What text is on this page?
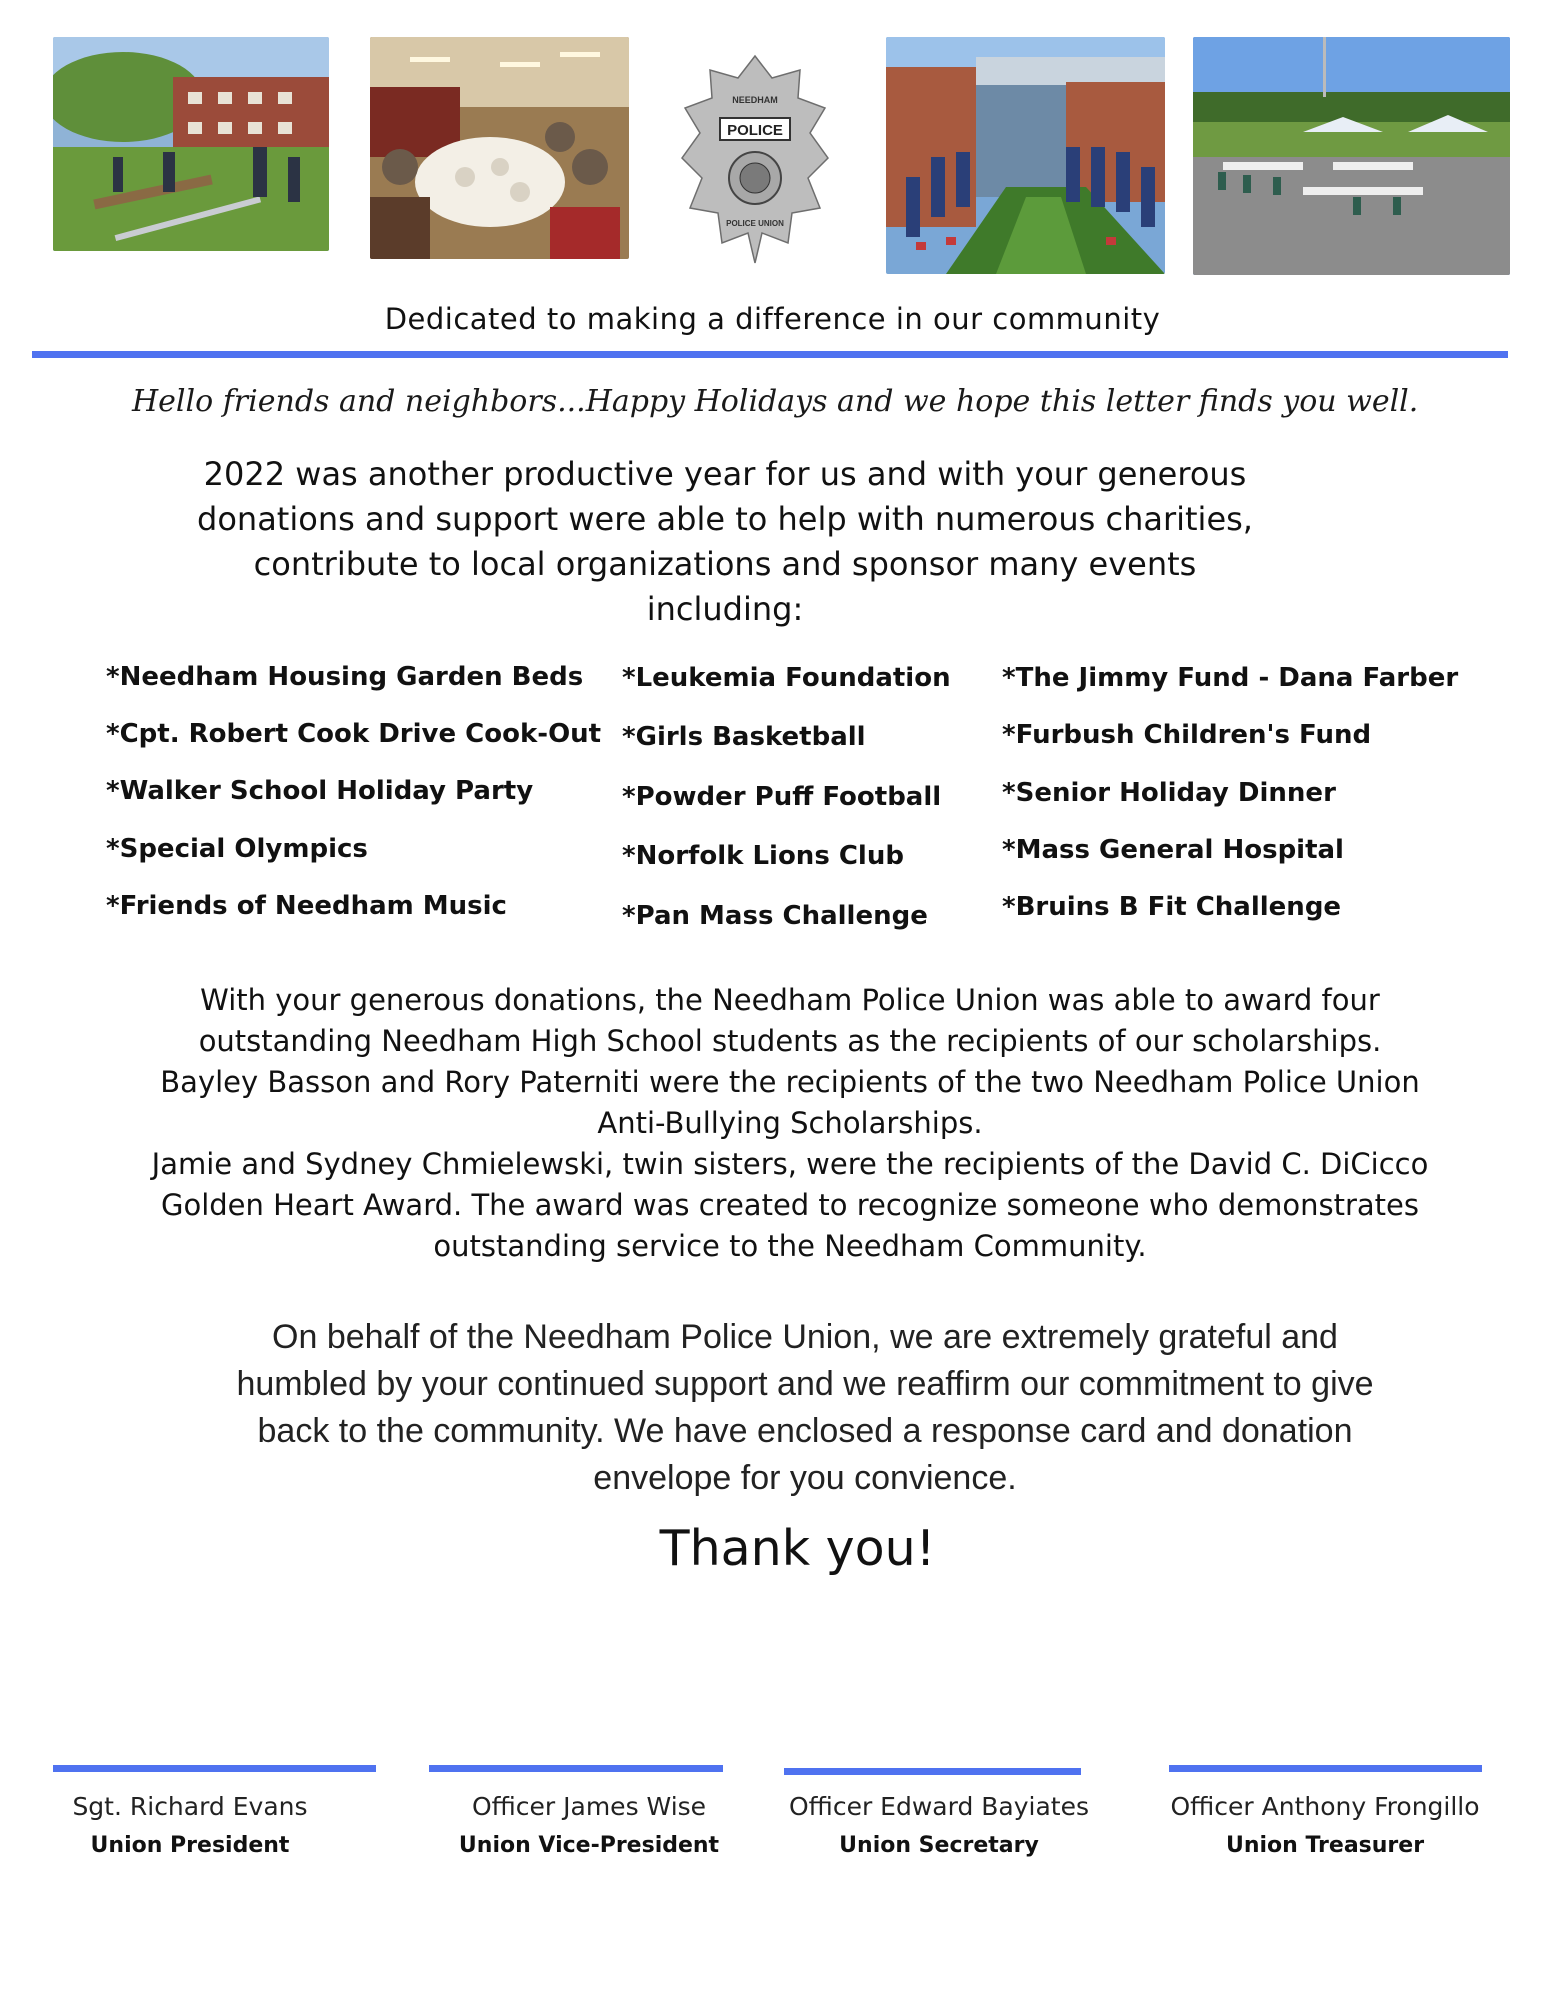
POLICE
NEEDHAM
POLICE UNION
Dedicated to making a difference in our community
Hello friends and neighbors...Happy Holidays and we hope this letter finds you well.
2022 was another productive year for us and with your generous
donations and support were able to help with numerous charities,
contribute to local organizations and sponsor many events
including:
*Needham Housing Garden Beds
*Cpt. Robert Cook Drive Cook-Out
*Walker School Holiday Party
*Special Olympics
*Friends of Needham Music
*Leukemia Foundation
*Girls Basketball
*Powder Puff Football
*Norfolk Lions Club
*Pan Mass Challenge
*The Jimmy Fund - Dana Farber
*Furbush Children's Fund
*Senior Holiday Dinner
*Mass General Hospital
*Bruins B Fit Challenge
With your generous donations, the Needham Police Union was able to award four
outstanding Needham High School students as the recipients of our scholarships.
Bayley Basson and Rory Paterniti were the recipients of the two Needham Police Union
Anti-Bullying Scholarships.
Jamie and Sydney Chmielewski, twin sisters, were the recipients of the David C. DiCicco
Golden Heart Award. The award was created to recognize someone who demonstrates
outstanding service to the Needham Community.
On behalf of the Needham Police Union, we are extremely grateful and
humbled by your continued support and we reaffirm our commitment to give
back to the community. We have enclosed a response card and donation
envelope for you convience.
Thank you!
Sgt. Richard Evans
Union President
Officer James Wise
Union Vice-President
Officer Edward Bayiates
Union Secretary
Officer Anthony Frongillo
Union Treasurer
